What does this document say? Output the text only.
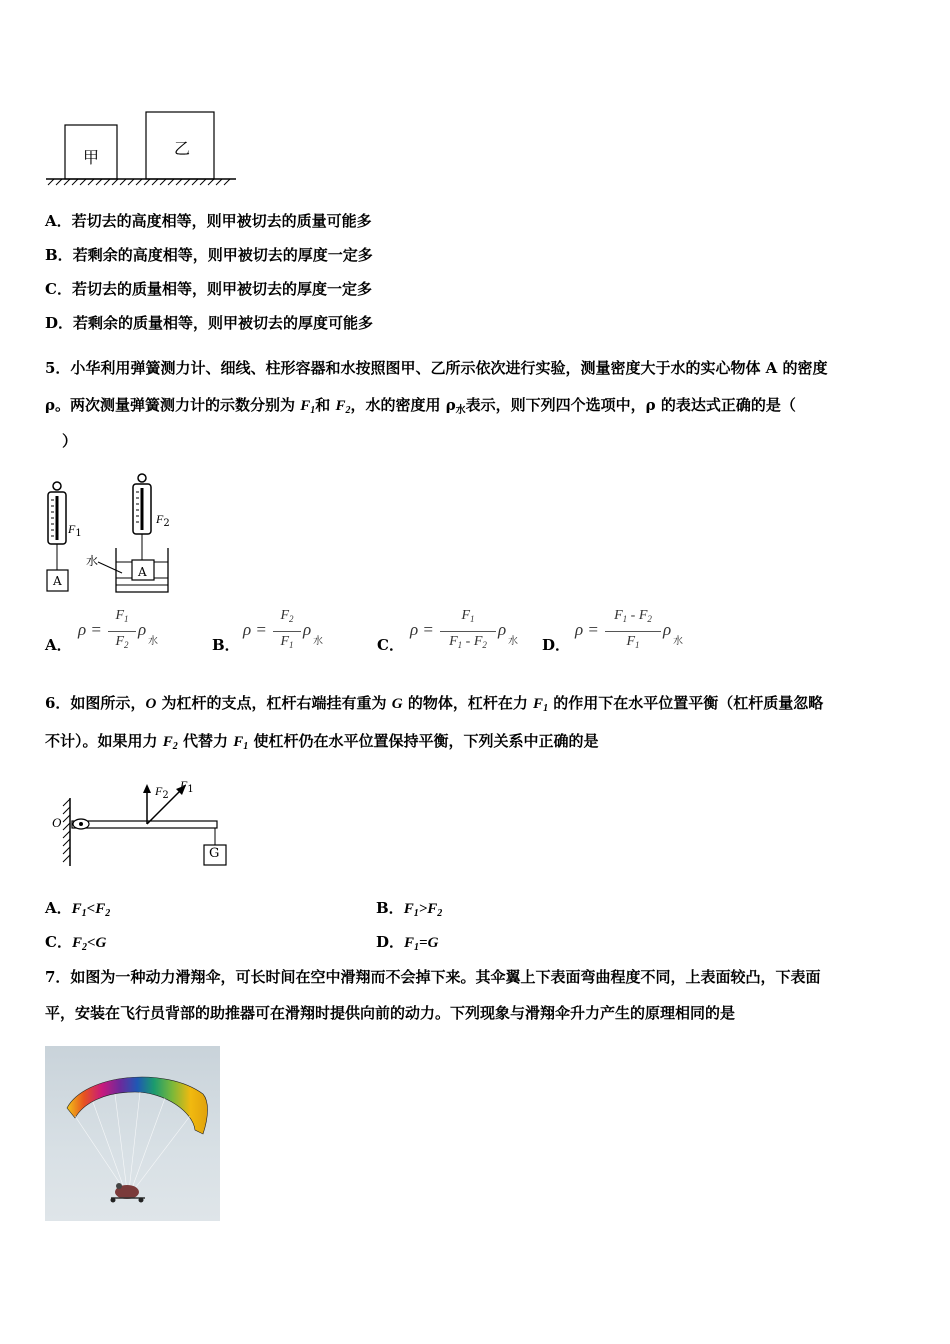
甲	乙
A．若切去的高度相等，则甲被切去的质量可能多
B．若剩余的高度相等，则甲被切去的厚度一定多
C．若切去的质量相等，则甲被切去的厚度一定多
D．若剩余的质量相等，则甲被切去的厚度可能多
5．小华利用弹簧测力计、细线、柱形容器和水按照图甲、乙所示依次进行实验，测量密度大于水的实心物体 A 的密度
ρ。两次测量弹簧测力计的示数分别为 $F_1$和 $F_2$，水的密度用 $\rho_水$表示，则下列四个选项中，ρ 的表达式正确的是（
）
$F_1$
$F_2$
A
A
水
A．
ρ =
$F_1$
$F_2$
ρ
水	B．
ρ =
$F_2$
$F_1$
ρ
水	C．
ρ =
$F_1$
$F_1 - F_2$
ρ
水 D．
ρ =
$F_1 - F_2$
$F_1$
ρ
水
6．如图所示，O 为杠杆的支点，杠杆右端挂有重为 G 的物体，杠杆在力 $F_1$ 的作用下在水平位置平衡（杠杆质量忽略
不计）。如果用力 $F_2$ 代替力 $F_1$ 使杠杆仍在水平位置保持平衡，下列关系中正确的是
O
$F_2$
$F_1$
G
A．$F_1<F_2$	B．$F_1>F_2$
C．$F_2<G$	D．$F_1=G$
7．如图为一种动力滑翔伞，可长时间在空中滑翔而不会掉下来。其伞翼上下表面弯曲程度不同，上表面较凸，下表面
平，安装在飞行员背部的助推器可在滑翔时提供向前的动力。下列现象与滑翔伞升力产生的原理相同的是
